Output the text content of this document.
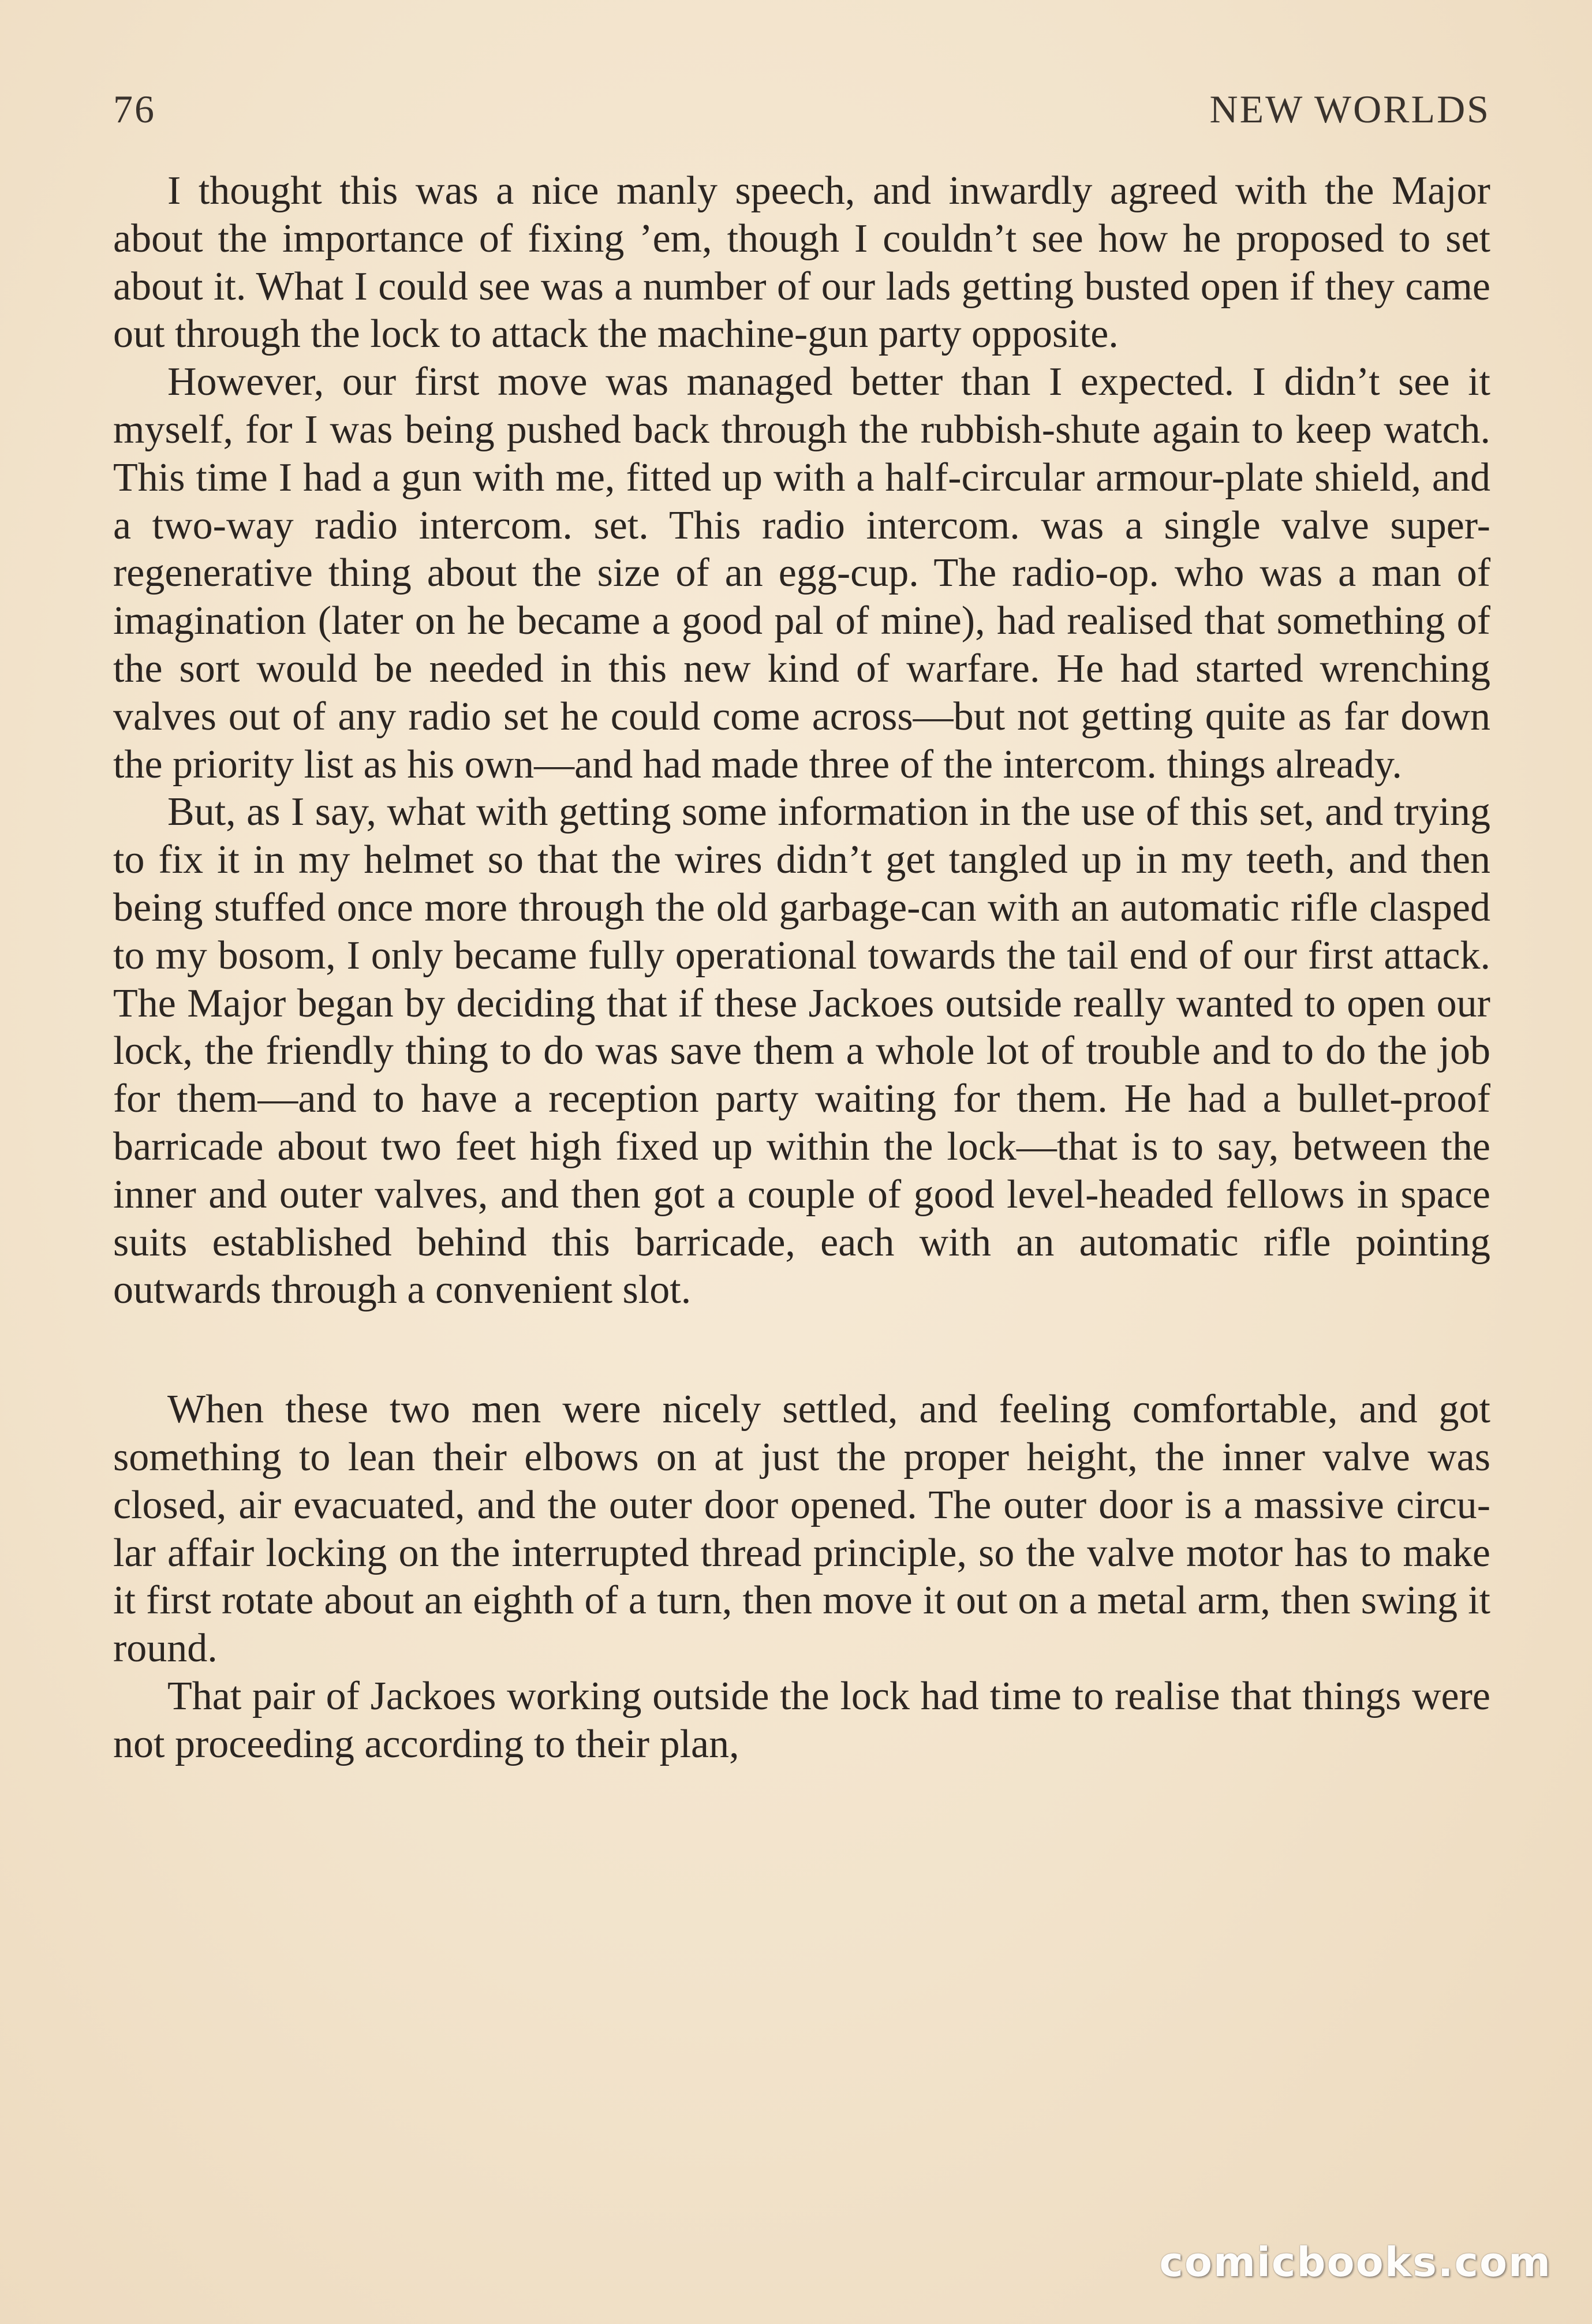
76	NEW WORLDS

I thought this was a nice manly speech, and inwardly agreed with the Major about the importance of fixing ’em, though I couldn’t see how he proposed to set about it. What I could see was a number of our lads getting busted open if they came out through the lock to attack the machine-gun party opposite.

However, our first move was managed better than I expected. I didn’t see it myself, for I was being pushed back through the rubbish-shute again to keep watch. This time I had a gun with me, fitted up with a half-circular armour-plate shield, and a two-way radio intercom. set. This radio intercom. was a single valve super-regenerative thing about the size of an egg-cup. The radio-op. who was a man of imagination (later on he became a good pal of mine), had realised that something of the sort would be needed in this new kind of warfare. He had started wrenching valves out of any radio set he could come across—but not getting quite as far down the priority list as his own—and had made three of the intercom. things already.

But, as I say, what with getting some information in the use of this set, and trying to fix it in my helmet so that the wires didn’t get tangled up in my teeth, and then being stuffed once more through the old garbage-can with an automatic rifle clasped to my bosom, I only became fully operational towards the tail end of our first attack. The Major began by deciding that if these Jackoes outside really wanted to open our lock, the friendly thing to do was save them a whole lot of trouble and to do the job for them—and to have a reception party waiting for them. He had a bullet-proof barricade about two feet high fixed up within the lock—that is to say, between the inner and outer valves, and then got a couple of good level-headed fellows in space suits established behind this barricade, each with an automatic rifle pointing outwards through a convenient slot.

When these two men were nicely settled, and feeling comfortable, and got something to lean their elbows on at just the proper height, the inner valve was closed, air evacuated, and the outer door opened. The outer door is a massive circular affair locking on the interrupted thread principle, so the valve motor has to make it first rotate about an eighth of a turn, then move it out on a metal arm, then swing it round.

That pair of Jackoes working outside the lock had time to realise that things were not proceeding according to their plan,

comicbooks.com
